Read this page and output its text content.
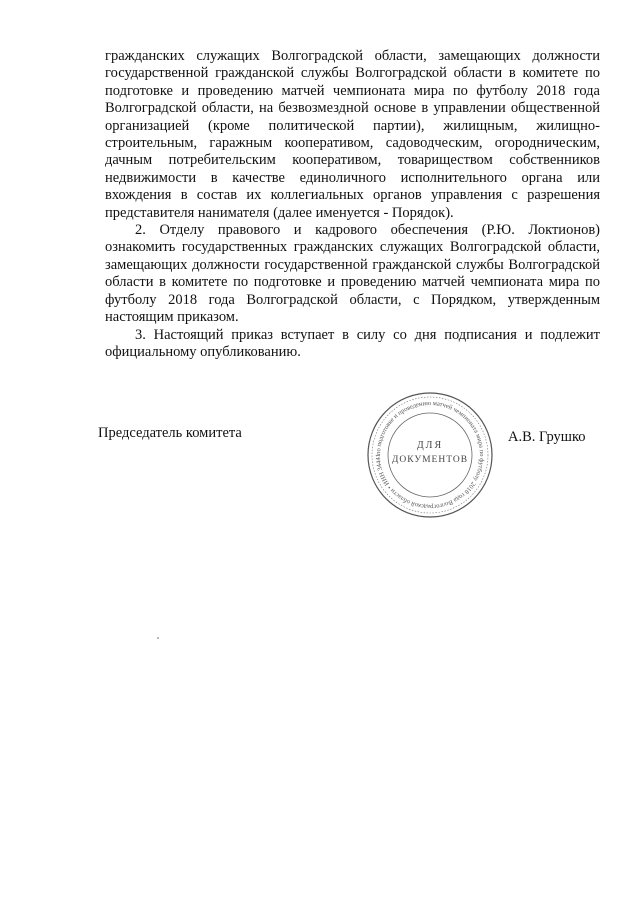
гражданских служащих Волгоградской области, замещающих должности государственной гражданской службы Волгоградской области в комитете по подготовке и проведению матчей чемпионата мира по футболу 2018 года Волгоградской области, на безвозмездной основе в управлении общественной организацией (кроме политической партии), жилищным, жилищно-строительным, гаражным кооперативом, садоводческим, огородническим, дачным потребительским кооперативом, товариществом собственников недвижимости в качестве единоличного исполнительного органа или вхождения в состав их коллегиальных органов управления с разрешения представителя нанимателя (далее именуется - Порядок).

2. Отделу правового и кадрового обеспечения (Р.Ю. Локтионов) ознакомить государственных гражданских служащих Волгоградской области, замещающих должности государственной гражданской службы Волгоградской области в комитете по подготовке и проведению матчей чемпионата мира по футболу 2018 года Волгоградской области, с Порядком, утвержденным настоящим приказом.

3. Настоящий приказ вступает в силу со дня подписания и подлежит официальному опубликованию.

Председатель комитета
по подготовке и проведению матчей чемпионата мира по футболу 2018 года Волгоградской области • ИНН 34441
ДЛЯ
ДОКУМЕНТОВ
А.В. Грушко
